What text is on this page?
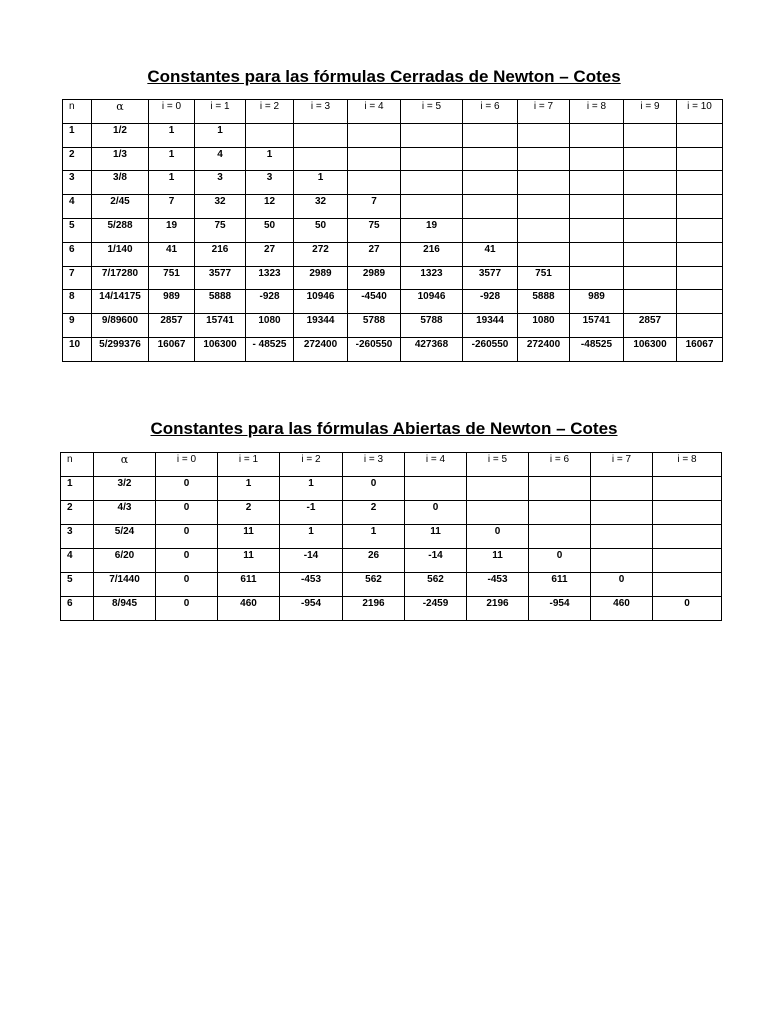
Constantes para las fórmulas Cerradas de Newton – Cotes
n	α	i = 0	i = 1	i = 2	i = 3	i = 4	i = 5	i = 6	i = 7	i = 8	i = 9	i = 10
1	1/2	1	1									
2	1/3	1	4	1								
3	3/8	1	3	3	1							
4	2/45	7	32	12	32	7						
5	5/288	19	75	50	50	75	19					
6	1/140	41	216	27	272	27	216	41				
7	7/17280	751	3577	1323	2989	2989	1323	3577	751			
8	14/14175	989	5888	-928	10946	-4540	10946	-928	5888	989		
9	9/89600	2857	15741	1080	19344	5788	5788	19344	1080	15741	2857	
10	5/299376	16067	106300	- 48525	272400	-260550	427368	-260550	272400	-48525	106300	16067
Constantes para las fórmulas Abiertas de Newton – Cotes
n	α	i = 0	i = 1	i = 2	i = 3	i = 4	i = 5	i = 6	i = 7	i = 8
1	3/2	0	1	1	0					
2	4/3	0	2	-1	2	0				
3	5/24	0	11	1	1	11	0			
4	6/20	0	11	-14	26	-14	11	0		
5	7/1440	0	611	-453	562	562	-453	611	0	
6	8/945	0	460	-954	2196	-2459	2196	-954	460	0
